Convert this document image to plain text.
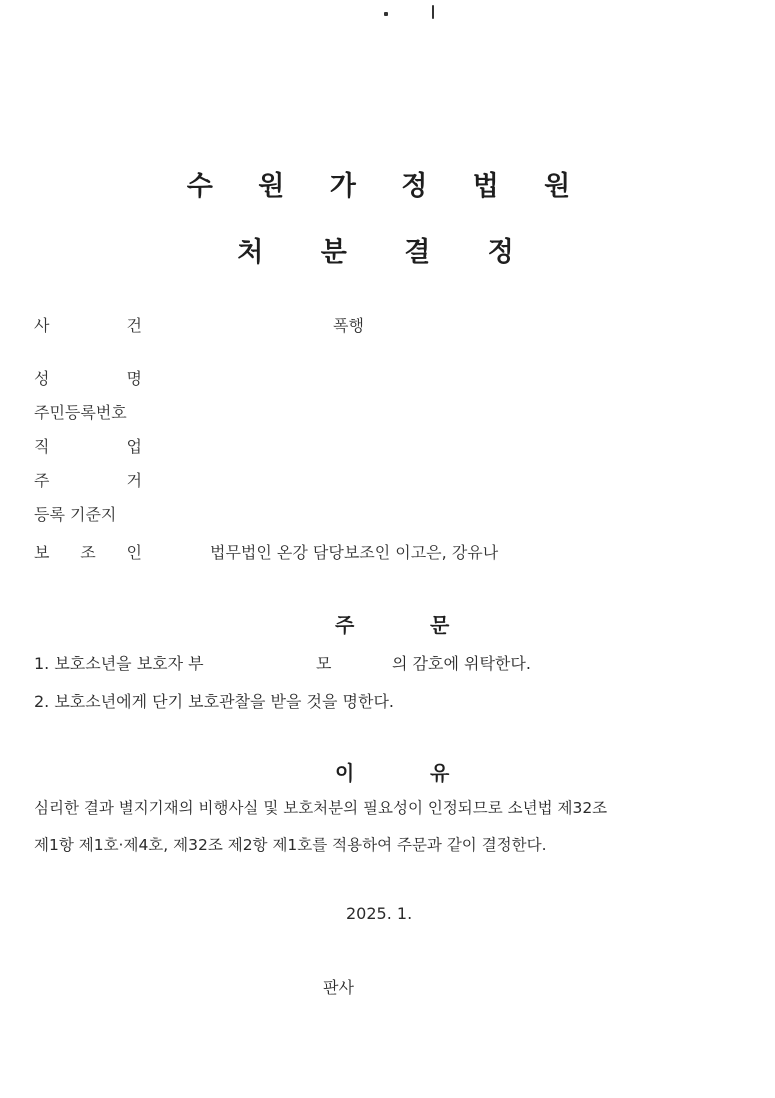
수 원 가 정 법 원
처 분 결 정
사	건	폭행
성	명
주민등록번호
직	업
주	거
등록 기준지
보 조 인	법무법인 온강 담당보조인 이고은, 강유나
주	문
1. 보호소년을 보호자 부	모	의 감호에 위탁한다.
2. 보호소년에게 단기 보호관찰을 받을 것을 명한다.
이	유
심리한 결과 별지기재의 비행사실 및 보호처분의 필요성이 인정되므로 소년법 제32조
제1항 제1호·제4호, 제32조 제2항 제1호를 적용하여 주문과 같이 결정한다.
2025. 1.
판사
